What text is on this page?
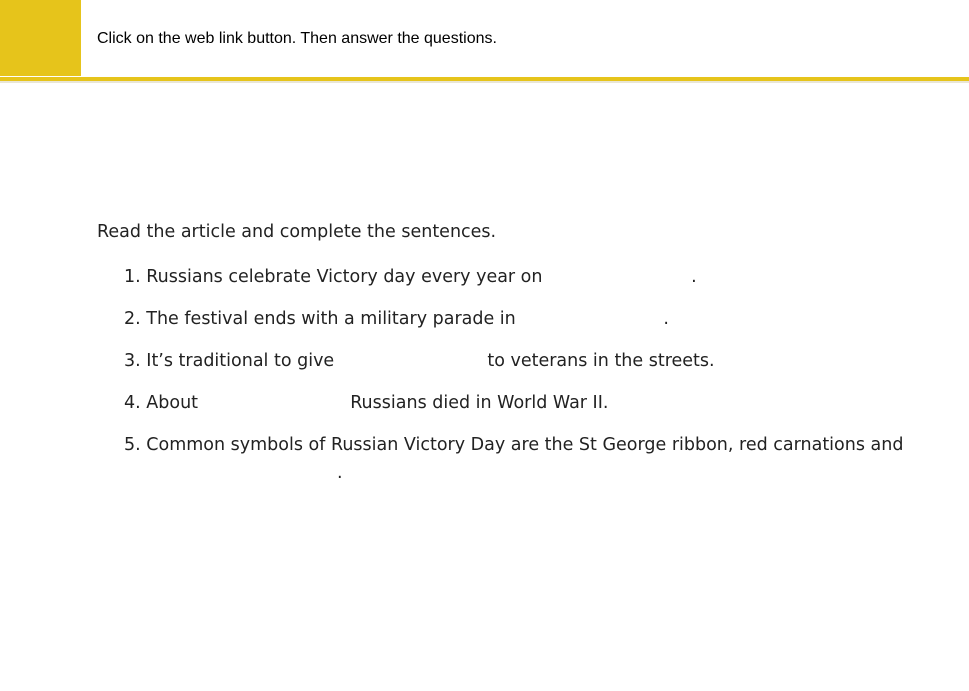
Click on the web link button. Then answer the questions.
Read the article and complete the sentences.
1. Russians celebrate Victory day every year on	.
2. The festival ends with a military parade in	.
3. It’s traditional to give	to veterans in the streets.
4. About	Russians died in World War II.
5. Common symbols of Russian Victory Day are the St George ribbon, red carnations and
.
